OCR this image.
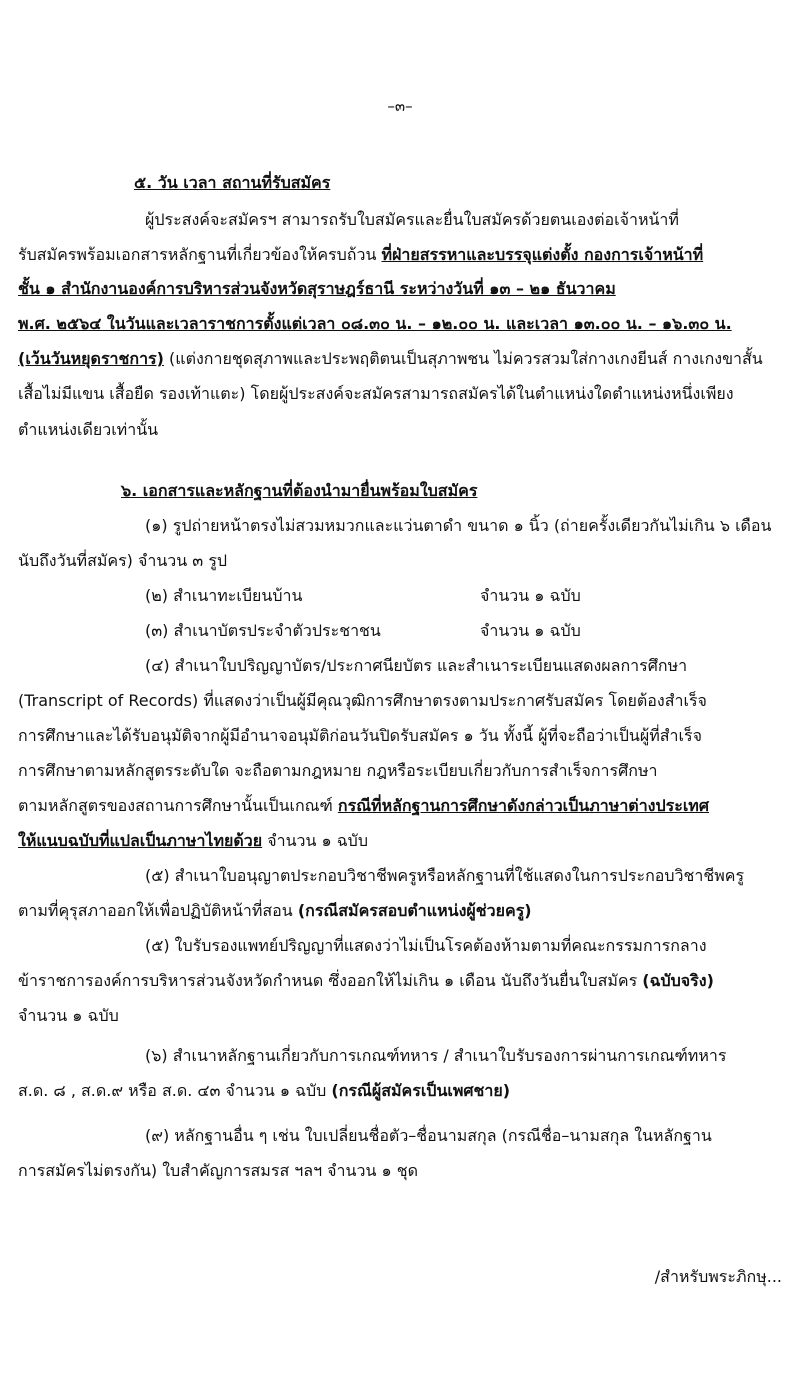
–๓–
๕. วัน เวลา สถานที่รับสมัคร
ผู้ประสงค์จะสมัครฯ สามารถรับใบสมัครและยื่นใบสมัครด้วยตนเองต่อเจ้าหน้าที่
รับสมัครพร้อมเอกสารหลักฐานที่เกี่ยวข้องให้ครบถ้วน ที่ฝ่ายสรรหาและบรรจุแต่งตั้ง กองการเจ้าหน้าที่
ชั้น ๑ สำนักงานองค์การบริหารส่วนจังหวัดสุราษฎร์ธานี ระหว่างวันที่ ๑๓ – ๒๑ ธันวาคม
พ.ศ. ๒๕๖๔ ในวันและเวลาราชการตั้งแต่เวลา ๐๘.๓๐ น. – ๑๒.๐๐ น. และเวลา ๑๓.๐๐ น. – ๑๖.๓๐ น.
(เว้นวันหยุดราชการ) (แต่งกายชุดสุภาพและประพฤติตนเป็นสุภาพชน ไม่ควรสวมใส่กางเกงยีนส์ กางเกงขาสั้น
เสื้อไม่มีแขน เสื้อยืด รองเท้าแตะ) โดยผู้ประสงค์จะสมัครสามารถสมัครได้ในตำแหน่งใดตำแหน่งหนึ่งเพียง
ตำแหน่งเดียวเท่านั้น
๖. เอกสารและหลักฐานที่ต้องนำมายื่นพร้อมใบสมัคร
(๑) รูปถ่ายหน้าตรงไม่สวมหมวกและแว่นตาดำ ขนาด ๑ นิ้ว (ถ่ายครั้งเดียวกันไม่เกิน ๖ เดือน
นับถึงวันที่สมัคร) จำนวน ๓ รูป
(๒) สำเนาทะเบียนบ้าน	จำนวน ๑ ฉบับ
(๓) สำเนาบัตรประจำตัวประชาชน	จำนวน ๑ ฉบับ
(๔) สำเนาใบปริญญาบัตร/ประกาศนียบัตร และสำเนาระเบียนแสดงผลการศึกษา
(Transcript of Records) ที่แสดงว่าเป็นผู้มีคุณวุฒิการศึกษาตรงตามประกาศรับสมัคร โดยต้องสำเร็จ
การศึกษาและได้รับอนุมัติจากผู้มีอำนาจอนุมัติก่อนวันปิดรับสมัคร ๑ วัน ทั้งนี้ ผู้ที่จะถือว่าเป็นผู้ที่สำเร็จ
การศึกษาตามหลักสูตรระดับใด จะถือตามกฎหมาย กฎหรือระเบียบเกี่ยวกับการสำเร็จการศึกษา
ตามหลักสูตรของสถานการศึกษานั้นเป็นเกณฑ์ กรณีที่หลักฐานการศึกษาดังกล่าวเป็นภาษาต่างประเทศ
ให้แนบฉบับที่แปลเป็นภาษาไทยด้วย จำนวน ๑ ฉบับ
(๕) สำเนาใบอนุญาตประกอบวิชาชีพครูหรือหลักฐานที่ใช้แสดงในการประกอบวิชาชีพครู
ตามที่คุรุสภาออกให้เพื่อปฏิบัติหน้าที่สอน (กรณีสมัครสอบตำแหน่งผู้ช่วยครู)
(๕) ใบรับรองแพทย์ปริญญาที่แสดงว่าไม่เป็นโรคต้องห้ามตามที่คณะกรรมการกลาง
ข้าราชการองค์การบริหารส่วนจังหวัดกำหนด ซึ่งออกให้ไม่เกิน ๑ เดือน นับถึงวันยื่นใบสมัคร (ฉบับจริง)
จำนวน ๑ ฉบับ
(๖) สำเนาหลักฐานเกี่ยวกับการเกณฑ์ทหาร / สำเนาใบรับรองการผ่านการเกณฑ์ทหาร
ส.ด. ๘ , ส.ด.๙ หรือ ส.ด. ๔๓ จำนวน ๑ ฉบับ (กรณีผู้สมัครเป็นเพศชาย)
(๙) หลักฐานอื่น ๆ เช่น ใบเปลี่ยนชื่อตัว–ชื่อนามสกุล (กรณีชื่อ–นามสกุล ในหลักฐาน
การสมัครไม่ตรงกัน) ใบสำคัญการสมรส ฯลฯ จำนวน ๑ ชุด
/สำหรับพระภิกษุ...
